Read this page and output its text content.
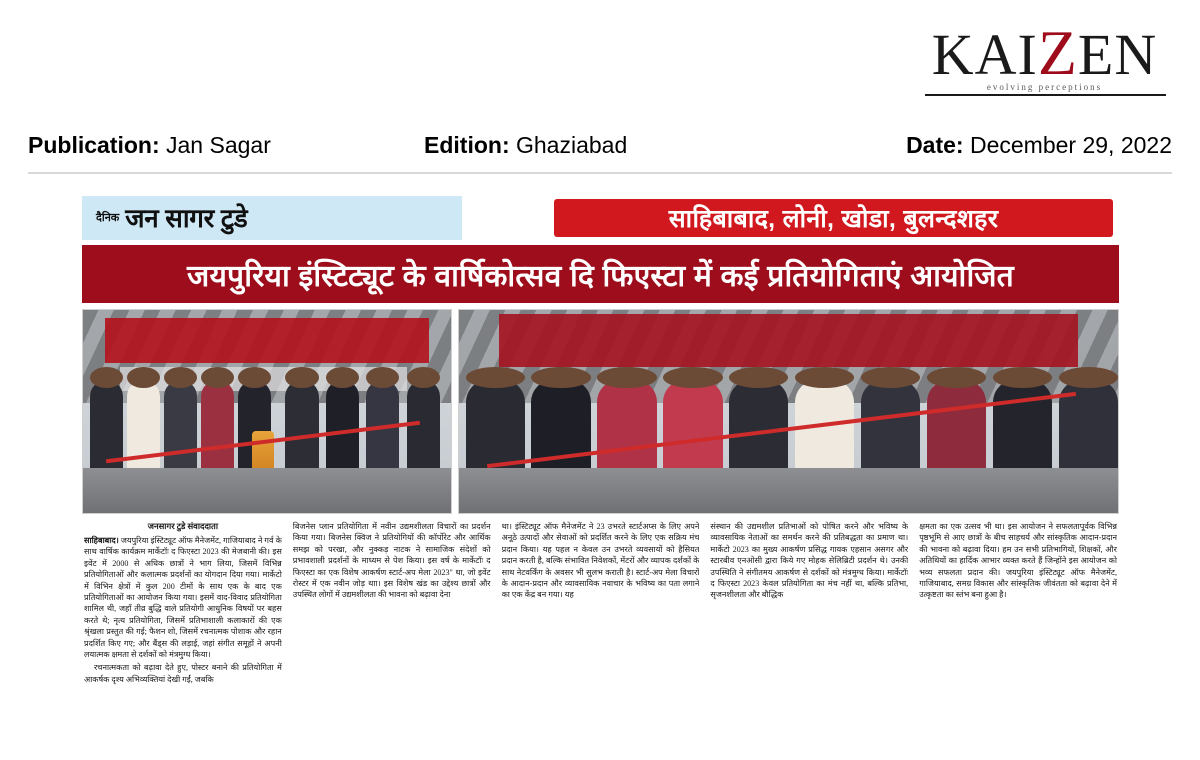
KAIZEN
evolving perceptions
Publication: Jan Sagar	Edition: Ghaziabad	Date: December 29, 2022
दैनिक जन सागर टुडे	साहिबाबाद, लोनी, खोडा, बुलन्दशहर
जयपुरिया इंस्टिट्यूट के वार्षिकोत्सव दि फिएस्टा में कई प्रतियोगिताएं आयोजित
जनसागर टुडे संवाददाता

साहिबाबाद। जयपुरिया इंस्टिट्यूट ऑफ मैनेजमेंट, गाजियाबाद ने गर्व के साथ वार्षिक कार्यक्रम मार्केटॉः द फिएस्टा 2023 की मेजबानी की। इस इवेंट में 2000 से अधिक छात्रों ने भाग लिया, जिसमें विभिन्न प्रतियोगिताओं और कलात्मक प्रदर्शनों का योगदान दिया गया। मार्केटो में विभिन क्षेत्रों में कुल 200 टीमों के साथ एक के बाद एक प्रतियोगिताओं का आयोजन किया गया। इसमें वाद-विवाद प्रतियोगिता शामिल थी, जहाँ तीव्र बुद्धि वाले प्रतियोगी आधुनिक विषयों पर बहस करते थे; नृत्य प्रतियोगिता, जिसमें प्रतिभाशाली कलाकारों की एक श्रृंखला प्रस्तुत की गई; फैशन शो, जिसमें रचनात्मक पोशाक और रहान प्रदर्शित किए गए; और बैंड्स की लड़ाई, जहां संगीत समूहों ने अपनी लयात्मक क्षमता से दर्शकों को मंत्रमुग्ध किया।

रचनात्मकता को बढ़ावा देते हुए, पोस्टर बनाने की प्रतियोगिता में आकर्षक दृश्य अभिव्यक्तियां देखी गईं, जबकि

बिजनेस प्लान प्रतियोगिता में नवीन उद्यमशीलता विचारों का प्रदर्शन किया गया। बिजनेस क्विज ने प्रतियोगियों की कॉर्पोरेट और आर्थिक समझ को परखा, और नुक्कड़ नाटक ने सामाजिक संदेशों को प्रभावशाली प्रदर्शनों के माध्यम से पेश किया। इस वर्ष के मार्केटॉः द फिएस्टा का एक विशेष आकर्षण स्टार्ट-अप मेला 2023" था, जो इवेंट रोस्टर में एक नवीन जोड़ थाा। इस विशेष खंड का उद्देश्य छात्रों और उपस्थित लोगों में उद्यमशीलता की भावना को बढ़ावा देना

था। इंस्टिट्यूट ऑफ मैनेजमेंट ने 23 उभरते स्टार्टअप्स के लिए अपने अनूठे उत्पादों और सेवाओं को प्रदर्शित करने के लिए एक सक्रिय मंच प्रदान किया। यह पहल न केवल उन उभरते व्यवसायों को हैसियत प्रदान करती है, बल्कि संभावित निवेशकों, मेंटरों और व्यापक दर्शकों के साथ नेटवर्किंग के अवसर भी सुलभ कराती है। स्टार्ट-अप मेला विचारों के आदान-प्रदान और व्यावसायिक नवाचार के भविष्य का पता लगाने का एक केंद्र बन गया। यह

संस्थान की उद्यमशील प्रतिभाओं को पोषित करने और भविष्य के व्यावसायिक नेताओं का समर्थन करने की प्रतिबद्धता का प्रमाण था। मार्केटो 2023 का मुख्य आकर्षण प्रसिद्ध गायक एहसान असगर और स्टारबीव एनओसी द्वारा किये गए मोहक सेलिब्रिटी प्रदर्शन थे। उनकी उपस्थिति ने संगीतमय आकर्षण से दर्शकों को मंत्रमुग्ध किया। मार्केटॉः द फिएस्टा 2023 केवल प्रतियोगिता का मंच नहीं था, बल्कि प्रतिभा, सृजनशीलता और बौद्धिक

क्षमता का एक उत्सव भी था। इस आयोजन ने सफलतापूर्वक विभिन्न पृष्ठभूमि से आए छात्रों के बीच साहचर्य और सांस्कृतिक आदान-प्रदान की भावना को बढ़ावा दिया। हम उन सभी प्रतिभागियों, शिक्षकों, और अतिथियों का हार्दिक आभार व्यक्त करते हैं जिन्होंने इस आयोजन को भव्य सफलता प्रदान की। जयपुरिया इंस्टिट्यूट ऑफ मैनेजमेंट, गाजियाबाद, समग्र विकास और सांस्कृतिक जीवंतता को बढ़ावा देने में उत्कृष्टता का स्तंभ बना हुआ है।
